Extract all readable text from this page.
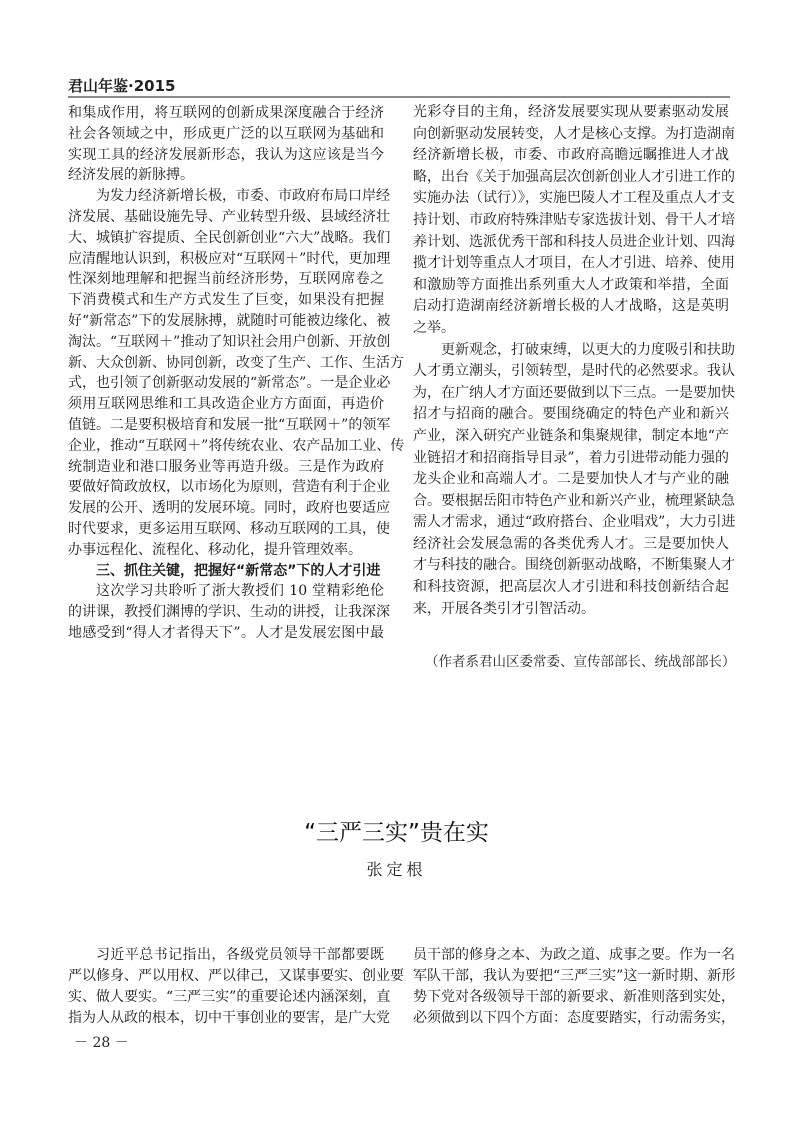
君山年鉴·2015
和集成作用，将互联网的创新成果深度融合于经济
社会各领域之中，形成更广泛的以互联网为基础和
实现工具的经济发展新形态，我认为这应该是当今
经济发展的新脉搏。
为发力经济新增长极，市委、市政府布局口岸经
济发展、基础设施先导、产业转型升级、县域经济壮
大、城镇扩容提质、全民创新创业“六大”战略。我们
应清醒地认识到，积极应对“互联网＋”时代，更加理
性深刻地理解和把握当前经济形势，互联网席卷之
下消费模式和生产方式发生了巨变，如果没有把握
好“新常态”下的发展脉搏，就随时可能被边缘化、被
淘汰。“互联网＋”推动了知识社会用户创新、开放创
新、大众创新、协同创新，改变了生产、工作、生活方
式，也引领了创新驱动发展的“新常态”。一是企业必
须用互联网思维和工具改造企业方方面面，再造价
值链。二是要积极培育和发展一批“互联网＋”的领军
企业，推动“互联网＋”将传统农业、农产品加工业、传
统制造业和港口服务业等再造升级。三是作为政府
要做好简政放权，以市场化为原则，营造有利于企业
发展的公开、透明的发展环境。同时，政府也要适应
时代要求，更多运用互联网、移动互联网的工具，使
办事远程化、流程化、移动化，提升管理效率。
三、抓住关键，把握好“新常态”下的人才引进
这次学习共聆听了浙大教授们 10 堂精彩绝伦
的讲课，教授们渊博的学识、生动的讲授，让我深深
地感受到“得人才者得天下”。人才是发展宏图中最
光彩夺目的主角，经济发展要实现从要素驱动发展
向创新驱动发展转变，人才是核心支撑。为打造湖南
经济新增长极，市委、市政府高瞻远瞩推进人才战
略，出台《关于加强高层次创新创业人才引进工作的
实施办法（试行）》，实施巴陵人才工程及重点人才支
持计划、市政府特殊津贴专家选拔计划、骨干人才培
养计划、选派优秀干部和科技人员进企业计划、四海
揽才计划等重点人才项目，在人才引进、培养、使用
和激励等方面推出系列重大人才政策和举措，全面
启动打造湖南经济新增长极的人才战略，这是英明
之举。
更新观念，打破束缚，以更大的力度吸引和扶助
人才勇立潮头，引领转型，是时代的必然要求。我认
为，在广纳人才方面还要做到以下三点。一是要加快
招才与招商的融合。要围绕确定的特色产业和新兴
产业，深入研究产业链条和集聚规律，制定本地“产
业链招才和招商指导目录”，着力引进带动能力强的
龙头企业和高端人才。二是要加快人才与产业的融
合。要根据岳阳市特色产业和新兴产业，梳理紧缺急
需人才需求，通过“政府搭台、企业唱戏”，大力引进
经济社会发展急需的各类优秀人才。三是要加快人
才与科技的融合。围绕创新驱动战略，不断集聚人才
和科技资源，把高层次人才引进和科技创新结合起
来，开展各类引才引智活动。
（作者系君山区委常委、宣传部部长、统战部部长）
“三严三实”贵在实
张定根
习近平总书记指出，各级党员领导干部都要既
严以修身、严以用权、严以律己，又谋事要实、创业要
实、做人要实。“三严三实”的重要论述内涵深刻，直
指为人从政的根本，切中干事创业的要害，是广大党
员干部的修身之本、为政之道、成事之要。作为一名
军队干部，我认为要把“三严三实”这一新时期、新形
势下党对各级领导干部的新要求、新准则落到实处，
必须做到以下四个方面：态度要踏实，行动需务实，
－ 28 －
